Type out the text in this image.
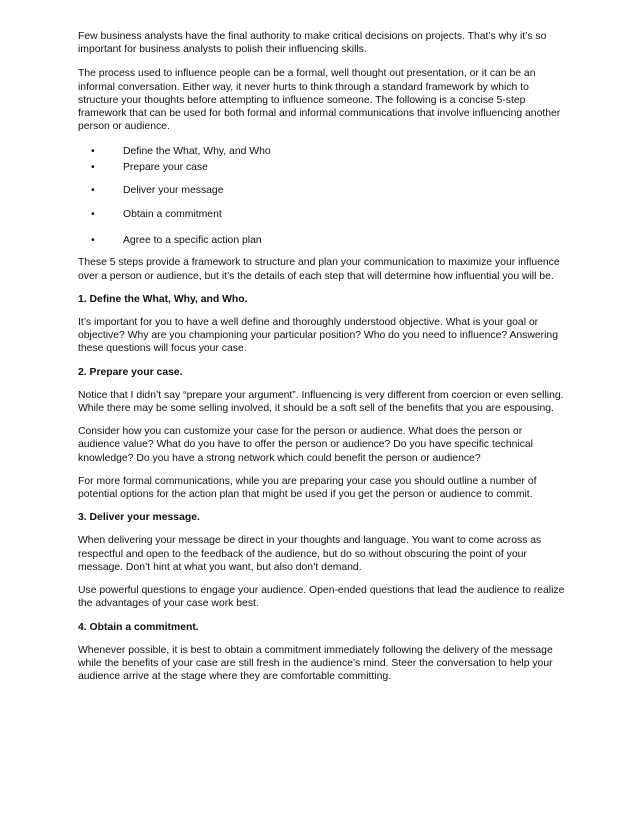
Few business analysts have the final authority to make critical decisions on projects. That’s why it’s so important for business analysts to polish their influencing skills.

The process used to influence people can be a formal, well thought out presentation, or it can be an informal conversation. Either way, it never hurts to think through a standard framework by which to structure your thoughts before attempting to influence someone. The following is a concise 5-step framework that can be used for both formal and informal communications that involve influencing another person or audience.

•	Define the What, Why, and Who
•	Prepare your case
•	Deliver your message
•	Obtain a commitment
•	Agree to a specific action plan

These 5 steps provide a framework to structure and plan your communication to maximize your influence over a person or audience, but it’s the details of each step that will determine how influential you will be.

1. Define the What, Why, and Who.

It’s important for you to have a well define and thoroughly understood objective. What is your goal or objective? Why are you championing your particular position? Who do you need to influence? Answering these questions will focus your case.

2. Prepare your case.

Notice that I didn’t say “prepare your argument”. Influencing is very different from coercion or even selling. While there may be some selling involved, it should be a soft sell of the benefits that you are espousing.

Consider how you can customize your case for the person or audience. What does the person or audience value? What do you have to offer the person or audience? Do you have specific technical knowledge? Do you have a strong network which could benefit the person or audience?

For more formal communications, while you are preparing your case you should outline a number of potential options for the action plan that might be used if you get the person or audience to commit.

3. Deliver your message.

When delivering your message be direct in your thoughts and language. You want to come across as respectful and open to the feedback of the audience, but do so without obscuring the point of your message. Don’t hint at what you want, but also don’t demand.

Use powerful questions to engage your audience. Open-ended questions that lead the audience to realize the advantages of your case work best.

4. Obtain a commitment.

Whenever possible, it is best to obtain a commitment immediately following the delivery of the message while the benefits of your case are still fresh in the audience’s mind. Steer the conversation to help your audience arrive at the stage where they are comfortable committing.
